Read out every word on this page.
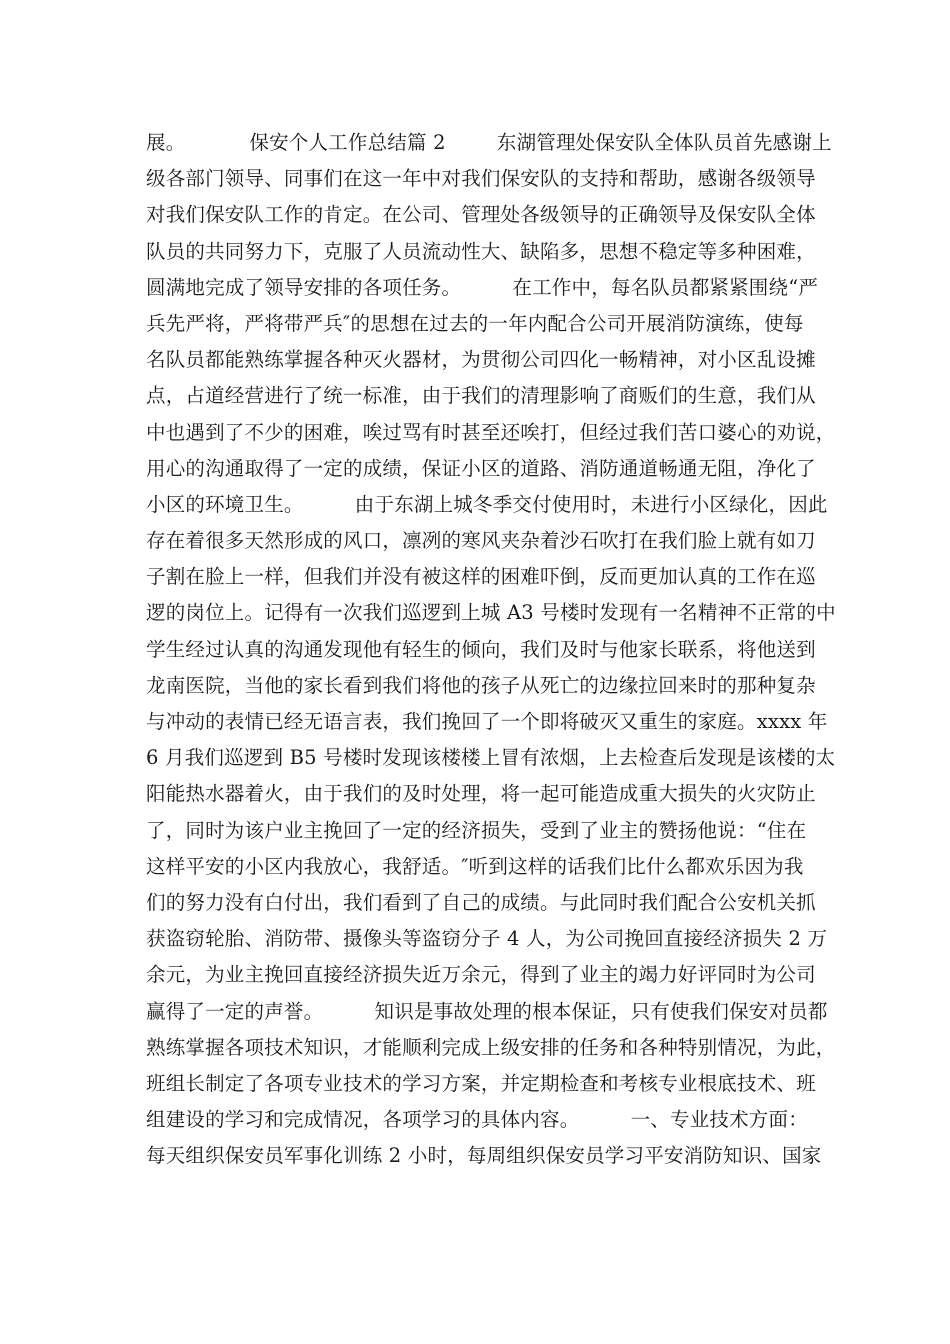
展。          保安个人工作总结篇 2        东湖管理处保安队全体队员首先感谢上
级各部门领导、同事们在这一年中对我们保安队的支持和帮助，感谢各级领导
对我们保安队工作的肯定。在公司、管理处各级领导的正确领导及保安队全体
队员的共同努力下，克服了人员流动性大、缺陷多，思想不稳定等多种困难，
圆满地完成了领导安排的各项任务。        在工作中，每名队员都紧紧围绕“严
兵先严将，严将带严兵″的思想在过去的一年内配合公司开展消防演练，使每
名队员都能熟练掌握各种灭火器材，为贯彻公司四化一畅精神，对小区乱设摊
点，占道经营进行了统一标准，由于我们的清理影响了商贩们的生意，我们从
中也遇到了不少的困难，唉过骂有时甚至还唉打，但经过我们苦口婆心的劝说，
用心的沟通取得了一定的成绩，保证小区的道路、消防通道畅通无阻，净化了
小区的环境卫生。        由于东湖上城冬季交付使用时，未进行小区绿化，因此
存在着很多天然形成的风口，凛冽的寒风夹杂着沙石吹打在我们脸上就有如刀
子割在脸上一样，但我们并没有被这样的困难吓倒，反而更加认真的工作在巡
逻的岗位上。记得有一次我们巡逻到上城 A3 号楼时发现有一名精神不正常的中
学生经过认真的沟通发现他有轻生的倾向，我们及时与他家长联系，将他送到
龙南医院，当他的家长看到我们将他的孩子从死亡的边缘拉回来时的那种复杂
与冲动的表情已经无语言表，我们挽回了一个即将破灭又重生的家庭。xxxx 年
6 月我们巡逻到 B5 号楼时发现该楼楼上冒有浓烟，上去检查后发现是该楼的太
阳能热水器着火，由于我们的及时处理，将一起可能造成重大损失的火灾防止
了，同时为该户业主挽回了一定的经济损失，受到了业主的赞扬他说：“住在
这样平安的小区内我放心，我舒适。″听到这样的话我们比什么都欢乐因为我
们的努力没有白付出，我们看到了自己的成绩。与此同时我们配合公安机关抓
获盗窃轮胎、消防带、摄像头等盗窃分子 4 人，为公司挽回直接经济损失 2 万
余元，为业主挽回直接经济损失近万余元，得到了业主的竭力好评同时为公司
赢得了一定的声誉。        知识是事故处理的根本保证，只有使我们保安对员都
熟练掌握各项技术知识，才能顺利完成上级安排的任务和各种特别情况，为此，
班组长制定了各项专业技术的学习方案，并定期检查和考核专业根底技术、班
组建设的学习和完成情况，各项学习的具体内容。        一、专业技术方面：
每天组织保安员军事化训练 2 小时，每周组织保安员学习平安消防知识、国家
